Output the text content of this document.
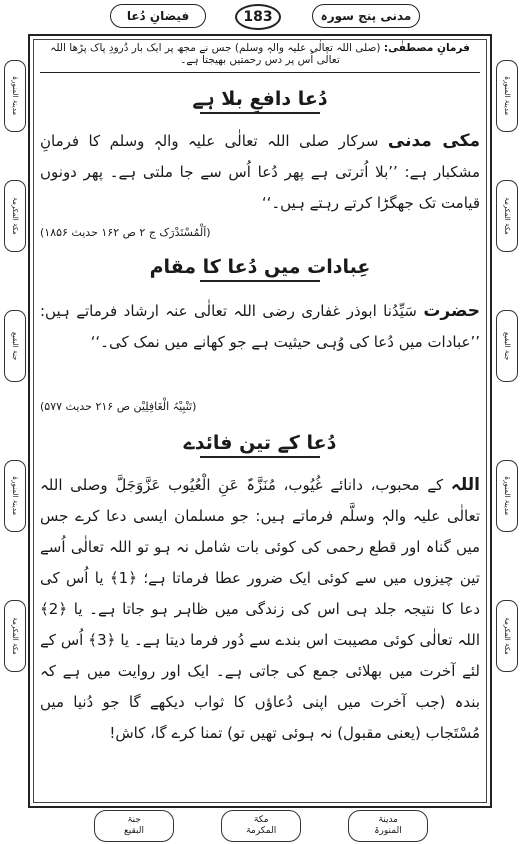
مدنی پنج سورہ
183
فیضانِ دُعا
مدینۃ المنورۃ
مکۃ المکرمۃ
جنۃ البقیع
مدینۃ المنورۃ
مکۃ المکرمۃ
مدینۃ المنورۃ
مکۃ المکرمۃ
جنۃ البقیع
مدینۃ المنورۃ
مکۃ المکرمۃ
فرمانِ مصطفٰی: (صلی اللہ تعالٰی علیہ والہٖ وسلم) جس نے مجھ پر ایک بار دُرودِ پاک پڑھا اللہ تعالٰی اُس پر دس رحمتیں بھیجتا ہے۔
دُعا دافعِ بلا ہے
مکی مدنی سرکار صلی اللہ تعالٰی علیہ والہٖ وسلم کا فرمانِ مشکبار ہے: ’’بلا اُترتی ہے پھر دُعا اُس سے جا ملتی ہے۔ پھر دونوں قیامت تک جھگڑا کرتے رہتے ہیں۔‘‘
(اَلْمُسْتَدْرَک ج ۲ ص ۱۶۲ حدیث ۱۸۵۶)
عِبادات میں دُعا کا مقام
حضرت سَیِّدُنا ابوذر غفاری رضی اللہ تعالٰی عنہ ارشاد فرماتے ہیں: ’’عبادات میں دُعا کی وُہی حیثیت ہے جو کھانے میں نمک کی۔‘‘
(تَنْبِیْہُ الْغَافِلِیْن ص ۲۱۶ حدیث ۵۷۷)
دُعا کے تین فائدے
اللہ کے محبوب، دانائے غُیُوب، مُنَزَّہٌ عَنِ الْعُیُوب عَزَّوَجَلَّ وصلی اللہ تعالٰی علیہ والہٖ وسلَّم فرماتے ہیں: جو مسلمان ایسی دعا کرے جس میں گناہ اور قطع رحمی کی کوئی بات شامل نہ ہو تو اللہ تعالٰی اُسے تین چیزوں میں سے کوئی ایک ضرور عطا فرماتا ہے؛ ﴿1﴾ یا اُس کی دعا کا نتیجہ جلد ہی اس کی زندگی میں ظاہر ہو جاتا ہے۔ یا ﴿2﴾ اللہ تعالٰی کوئی مصیبت اس بندے سے دُور فرما دیتا ہے۔ یا ﴿3﴾ اُس کے لئے آخرت میں بھلائی جمع کی جاتی ہے۔ ایک اور روایت میں ہے کہ بندہ (جب آخرت میں اپنی دُعاؤں کا ثواب دیکھے گا جو دُنیا میں مُسْتَجاب (یعنی مقبول) نہ ہوئی تھیں تو) تمنا کرے گا، کاش!
جنۃ
البقیع
مکۃ
المکرمۃ
مدینۃ
المنورۃ
